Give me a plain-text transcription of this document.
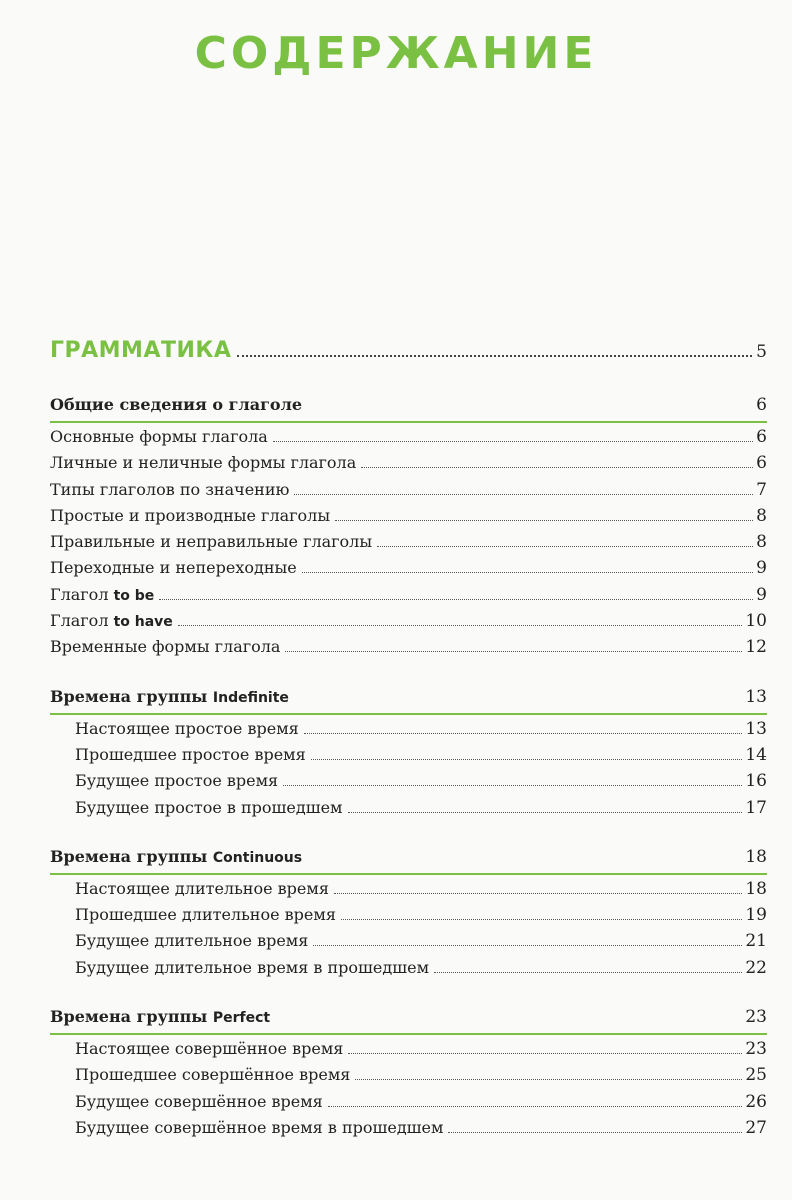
СОДЕРЖАНИЕ
ГРАММАТИКА	5
Общие сведения о глаголе	6
Основные формы глагола	6
Личные и неличные формы глагола	6
Типы глаголов по значению	7
Простые и производные глаголы	8
Правильные и неправильные глаголы	8
Переходные и непереходные	9
Глагол to be	9
Глагол to have	10
Временные формы глагола	12
Времена группы Indefinite	13
Настоящее простое время	13
Прошедшее простое время	14
Будущее простое время	16
Будущее простое в прошедшем	17
Времена группы Continuous	18
Настоящее длительное время	18
Прошедшее длительное время	19
Будущее длительное время	21
Будущее длительное время в прошедшем	22
Времена группы Perfect	23
Настоящее совершённое время	23
Прошедшее совершённое время	25
Будущее совершённое время	26
Будущее совершённое время в прошедшем	27
